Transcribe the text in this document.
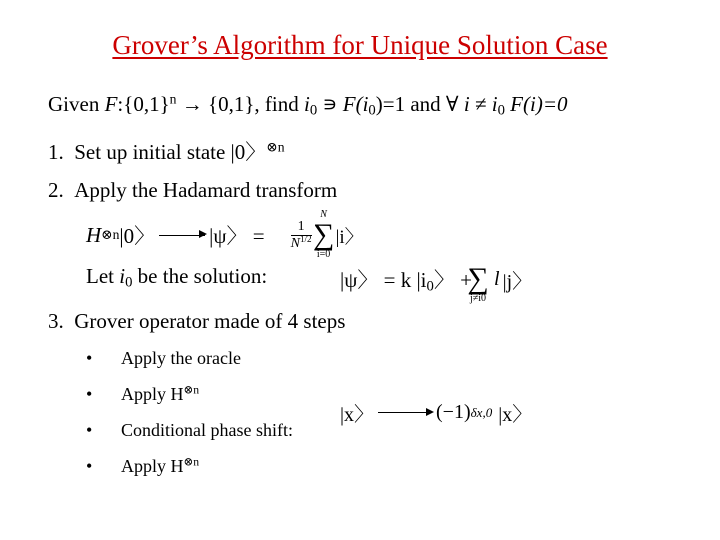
Grover’s Algorithm for Unique Solution Case
Given $F:\{0,1\}^n \to \{0,1\}$, find $i_0$ ∍ $F(i_0)=1$ and ∀ $i \ne i_0$ F(i)=0
1. Set up initial state |0〉$^{\otimes n}$
2. Apply the Hadamard transform
H ⊗n |0〉	|ψ〉 = $\frac{1}{N^{1/2}}$
N
∑
i=0
|i〉
Let $i_0$ be the solution:	|ψ〉 = k $|i_0$〉 +
∑
j≠i0
l |j〉
3. Grover operator made of 4 steps
• Apply the oracle
• Apply $H^{\otimes n}$
• Conditional phase shift:
• Apply $H^{\otimes n}$
|x〉	(−1) δx,0 |x〉
